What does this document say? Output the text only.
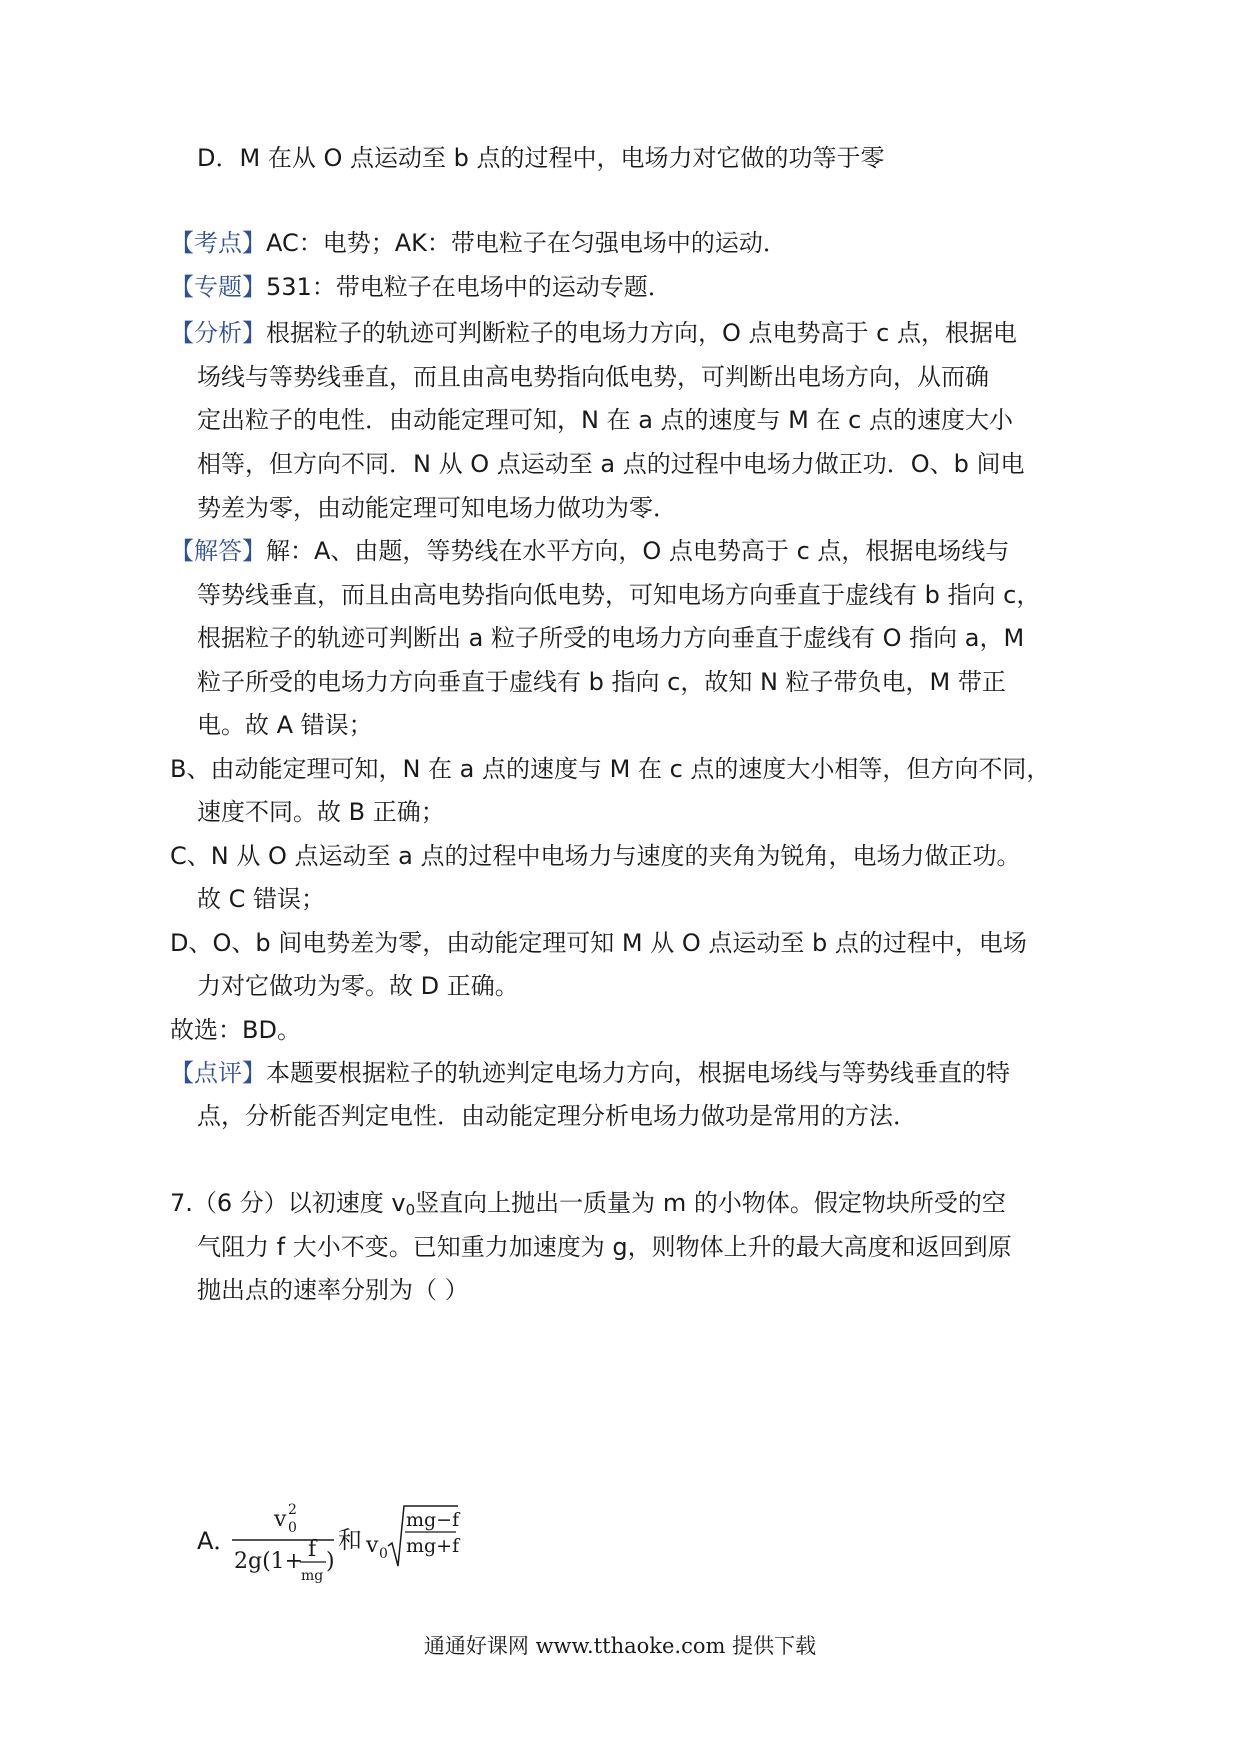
D．M 在从 O 点运动至 b 点的过程中，电场力对它做的功等于零
【考点】AC：电势；AK：带电粒子在匀强电场中的运动．
【专题】531：带电粒子在电场中的运动专题．
【分析】根据粒子的轨迹可判断粒子的电场力方向，O 点电势高于 c 点，根据电
场线与等势线垂直，而且由高电势指向低电势，可判断出电场方向，从而确
定出粒子的电性．由动能定理可知，N 在 a 点的速度与 M 在 c 点的速度大小
相等，但方向不同．N 从 O 点运动至 a 点的过程中电场力做正功．O、b 间电
势差为零，由动能定理可知电场力做功为零．
【解答】解：A、由题，等势线在水平方向，O 点电势高于 c 点，根据电场线与
等势线垂直，而且由高电势指向低电势，可知电场方向垂直于虚线有 b 指向 c，
根据粒子的轨迹可判断出 a 粒子所受的电场力方向垂直于虚线有 O 指向 a，M
粒子所受的电场力方向垂直于虚线有 b 指向 c，故知 N 粒子带负电，M 带正
电。故 A 错误；
B、由动能定理可知，N 在 a 点的速度与 M 在 c 点的速度大小相等，但方向不同，
速度不同。故 B 正确；
C、N 从 O 点运动至 a 点的过程中电场力与速度的夹角为锐角，电场力做正功。
故 C 错误；
D、O、b 间电势差为零，由动能定理可知 M 从 O 点运动至 b 点的过程中，电场
力对它做功为零。故 D 正确。
故选：BD。
【点评】本题要根据粒子的轨迹判定电场力方向，根据电场线与等势线垂直的特
点，分析能否判定电性．由动能定理分析电场力做功是常用的方法．
7.（6 分）以初速度 $v_0$竖直向上抛出一质量为 m 的小物体。假定物块所受的空
气阻力 f 大小不变。已知重力加速度为 g，则物体上升的最大高度和返回到原
抛出点的速率分别为（ ）
A．
v 2
0
2g(1+ f
mg
)
和 v 0
mg−f
mg+f
通通好课网 www.tthaoke.com 提供下载
